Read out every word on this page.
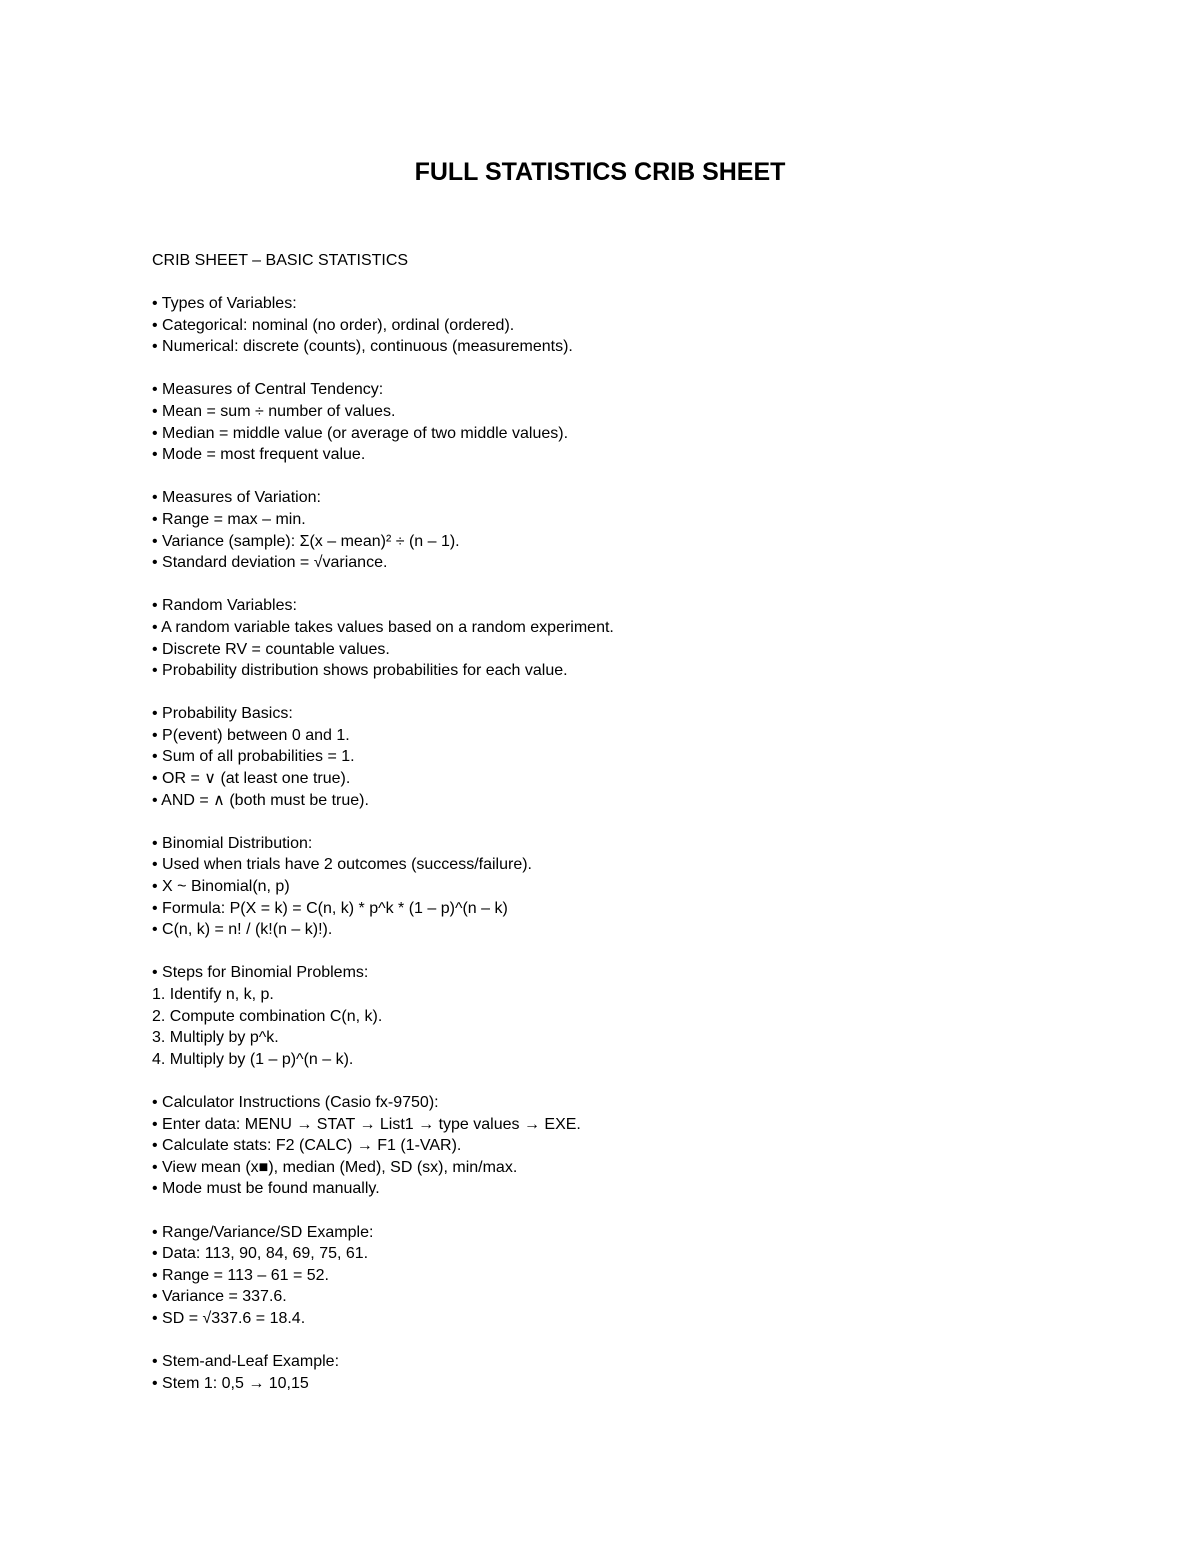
FULL STATISTICS CRIB SHEET

CRIB SHEET – BASIC STATISTICS

• Types of Variables:
• Categorical: nominal (no order), ordinal (ordered).
• Numerical: discrete (counts), continuous (measurements).
• Measures of Central Tendency:
• Mean = sum ÷ number of values.
• Median = middle value (or average of two middle values).
• Mode = most frequent value.
• Measures of Variation:
• Range = max – min.
• Variance (sample): Σ(x – mean)² ÷ (n – 1).
• Standard deviation = √variance.
• Random Variables:
• A random variable takes values based on a random experiment.
• Discrete RV = countable values.
• Probability distribution shows probabilities for each value.
• Probability Basics:
• P(event) between 0 and 1.
• Sum of all probabilities = 1.
• OR = ∨ (at least one true).
• AND = ∧ (both must be true).
• Binomial Distribution:
• Used when trials have 2 outcomes (success/failure).
• X ~ Binomial(n, p)
• Formula: P(X = k) = C(n, k) * p^k * (1 – p)^(n – k)
• C(n, k) = n! / (k!(n – k)!).
• Steps for Binomial Problems:
1. Identify n, k, p.
2. Compute combination C(n, k).
3. Multiply by p^k.
4. Multiply by (1 – p)^(n – k).
• Calculator Instructions (Casio fx-9750):
• Enter data: MENU → STAT → List1 → type values → EXE.
• Calculate stats: F2 (CALC) → F1 (1-VAR).
• View mean (x■), median (Med), SD (sx), min/max.
• Mode must be found manually.
• Range/Variance/SD Example:
• Data: 113, 90, 84, 69, 75, 61.
• Range = 113 – 61 = 52.
• Variance = 337.6.
• SD = √337.6 = 18.4.
• Stem-and-Leaf Example:
• Stem 1: 0,5 → 10,15
